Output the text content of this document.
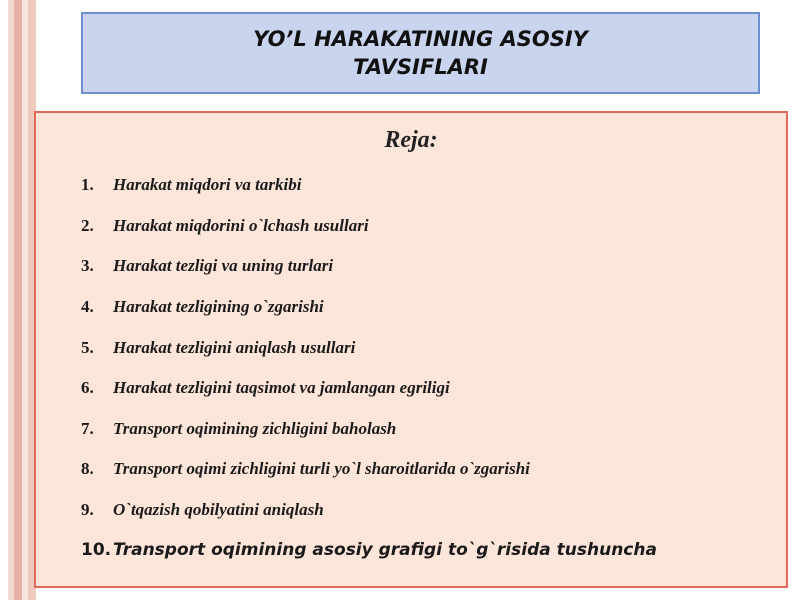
YO’L HARAKATINING ASOSIY
TAVSIFLARI
Reja:
1. Harakat miqdori va tarkibi
2. Harakat miqdorini o`lchash usullari
3. Harakat tezligi va uning turlari
4. Harakat tezligining o`zgarishi
5. Harakat tezligini aniqlash usullari
6. Harakat tezligini taqsimot va jamlangan egriligi
7. Transport oqimining zichligini baholash
8. Transport oqimi zichligini turli yo`l sharoitlarida o`zgarishi
9. O`tqazish qobilyatini aniqlash
10. Transport oqimining asosiy grafigi to`g`risida tushuncha
